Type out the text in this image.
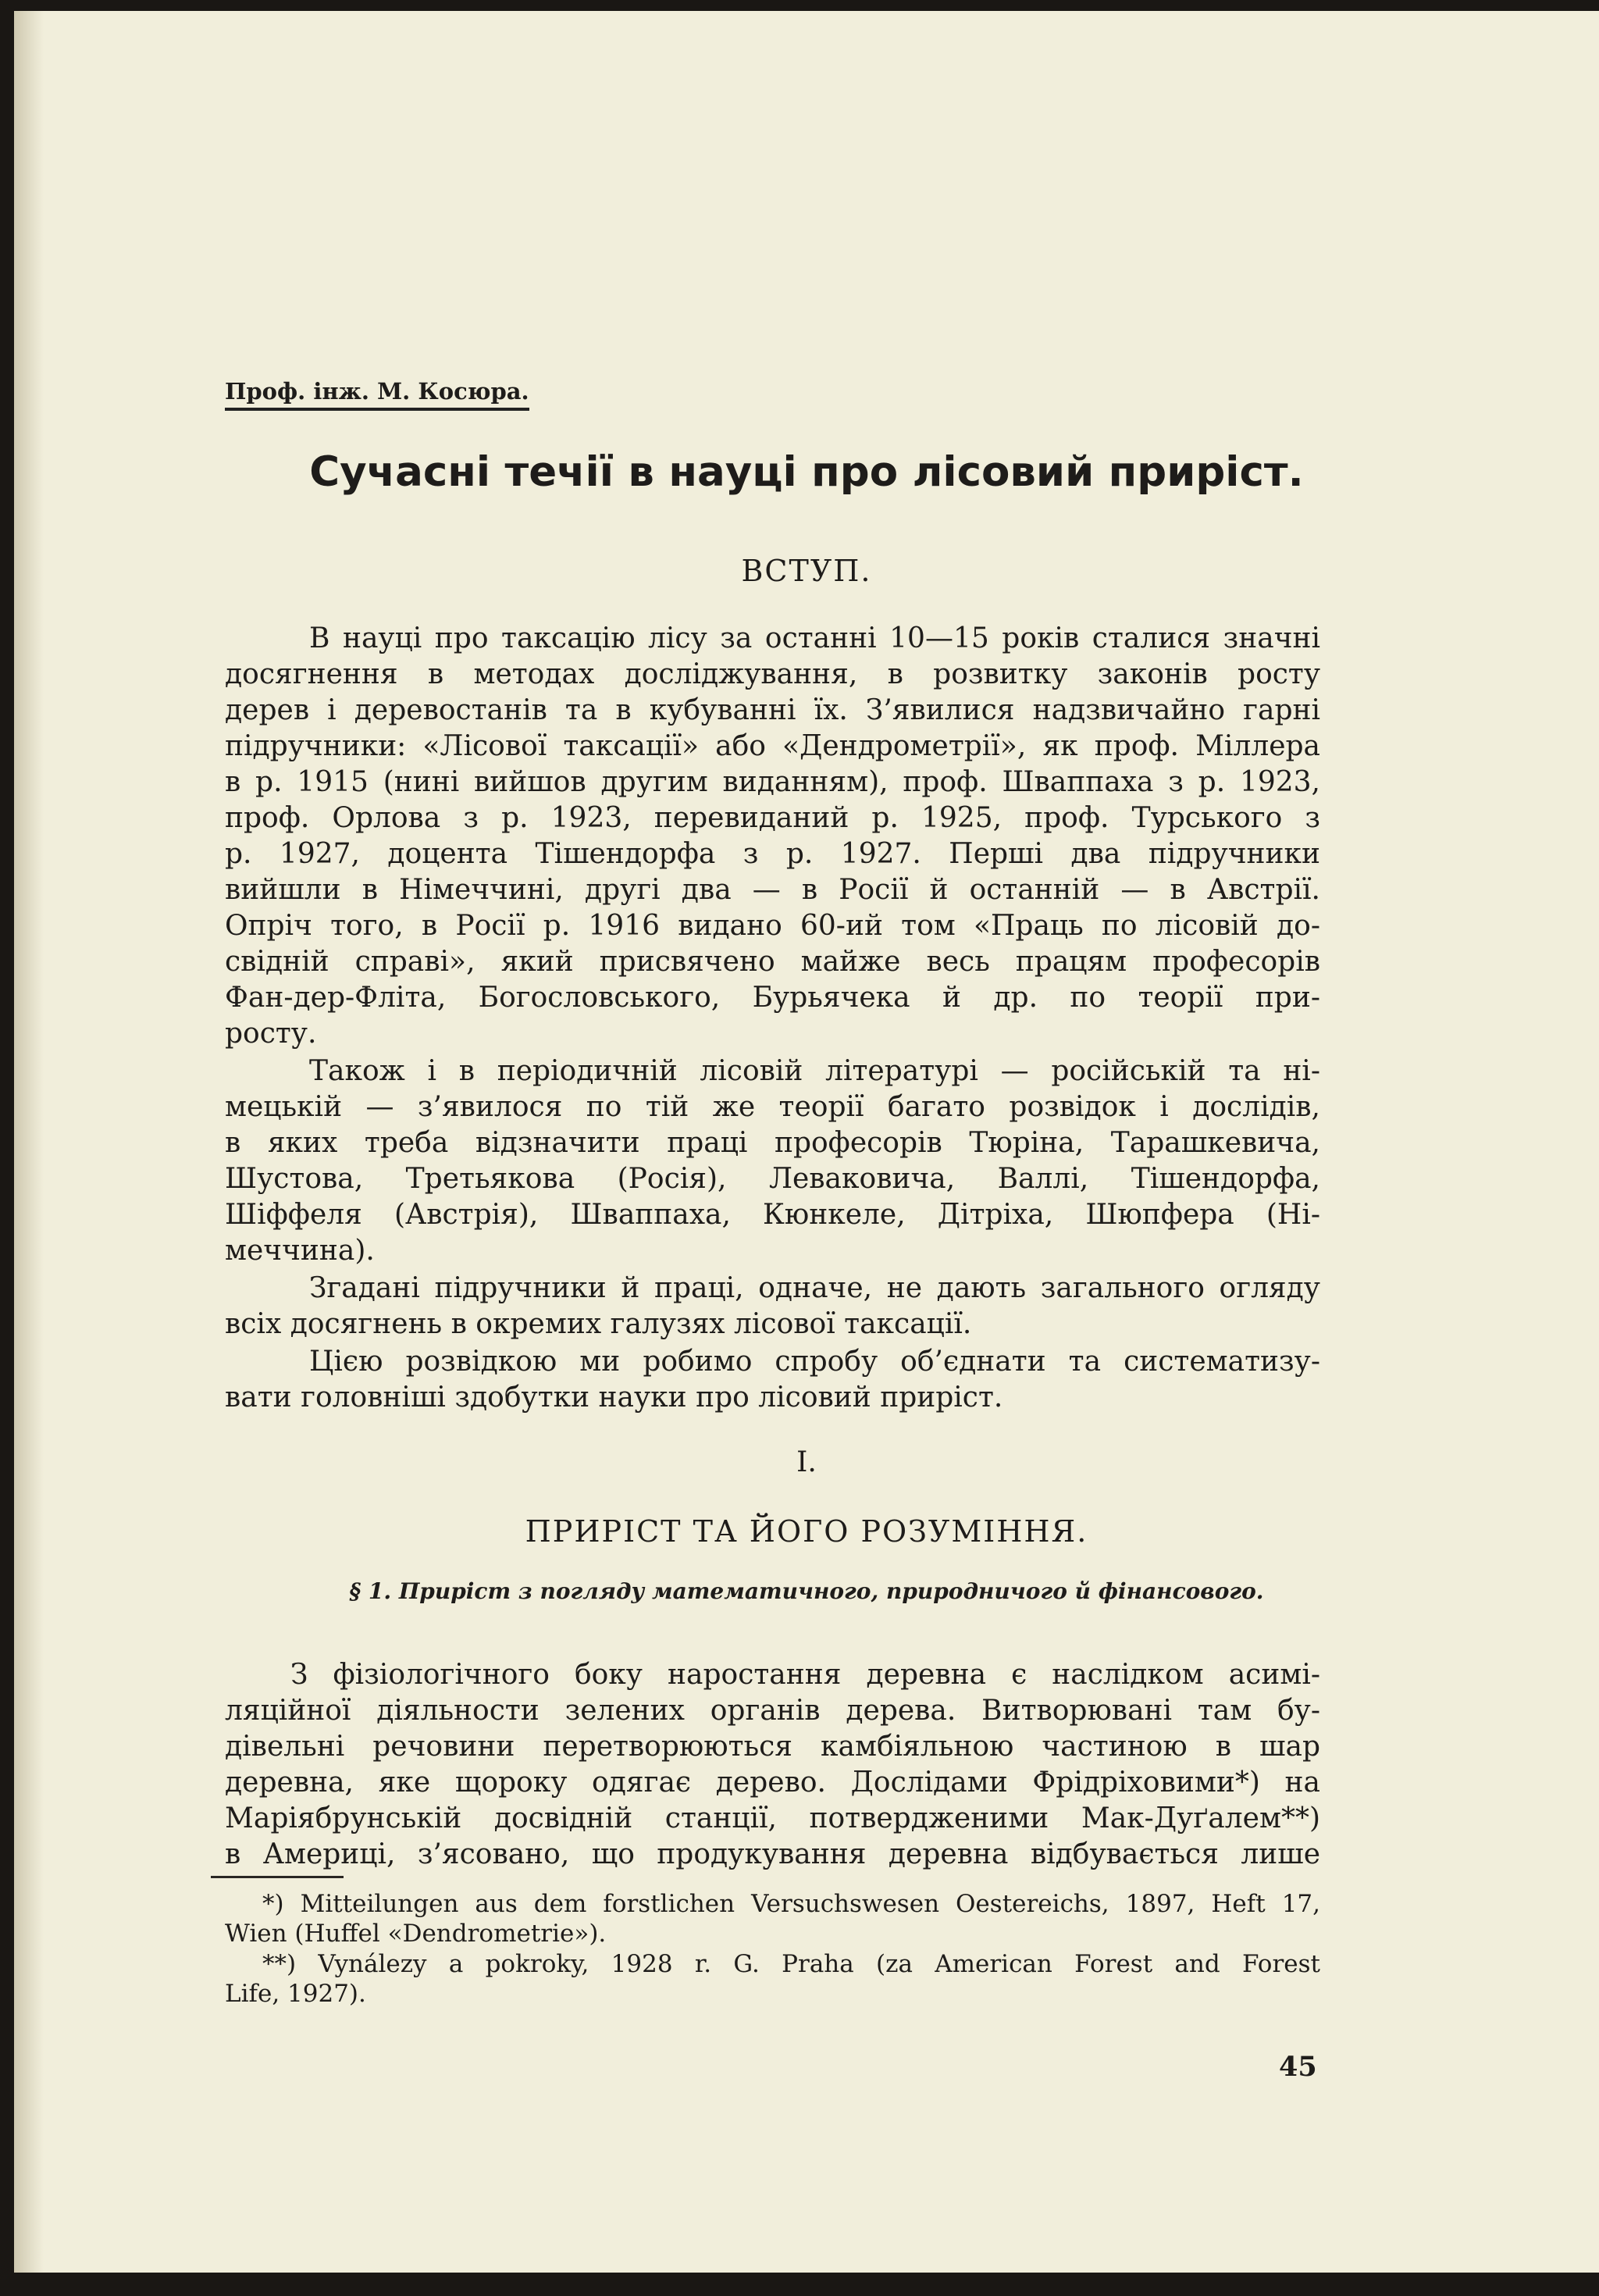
Проф. інж. М. Косюра.
Сучасні течії в науці про лісовий приріст.
ВСТУП.
В науці про таксацію лісу за останні 10—15 років сталися значні
досягнення в методах досліджування, в розвитку законів росту
дерев і деревостанів та в кубуванні їх. З’явилися надзвичайно гарні
підручники: «Лісової таксації» або «Дендрометрії», як проф. Міллера
в р. 1915 (нині вийшов другим виданням), проф. Шваппаха з р. 1923,
проф. Орлова з р. 1923, перевиданий р. 1925, проф. Турського з
р. 1927, доцента Тішендорфа з р. 1927. Перші два підручники
вийшли в Німеччині, другі два — в Росії й останній — в Австрії.
Опріч того, в Росії р. 1916 видано 60-ий том «Праць по лісовій до-
свідній справі», який присвячено майже весь працям професорів
Фан-дер-Фліта, Богословського, Бурьячека й др. по теорії при-
росту.
Також і в періодичній лісовій літературі — російській та ні-
мецькій — з’явилося по тій же теорії багато розвідок і дослідів,
в яких треба відзначити праці професорів Тюріна, Тарашкевича,
Шустова, Третьякова (Росія), Левaковича, Валлі, Тішендорфа,
Шіффеля (Австрія), Шваппаха, Кюнкеле, Дітріха, Шюпфера (Ні-
меччина).
Згадані підручники й праці, одначе, не дають загального огляду
всіх досягнень в окремих галузях лісової таксації.
Цією розвідкою ми робимо спробу об’єднати та систематизу-
вати головніші здобутки науки про лісовий приріст.
I.
ПРИРІСТ ТА ЙОГО РОЗУМІННЯ.
§ 1. Приріст з погляду математичного, природничого й фінансового.
З фізіологічного боку наростання деревна є наслідком асимі-
ляційної діяльности зелених органів дерева. Витворювані там бу-
дівельні речовини перетворюються камбіяльною частиною в шар
деревна, яке щороку одягає дерево. Дослідами Фрідріховими*) на
Маріябрунській досвідній станції, потвердженими Мак-Дуґалем**)
в Америці, з’ясовано, що продукування деревна відбувається лише
*) Mitteilungen aus dem forstlichen Versuchswesen Oestereichs, 1897, Heft 17,
Wien (Huffel «Dendrometrie»).
**) Vynálezy a pokroky, 1928 r. G. Praha (za American Forest and Forest
Life, 1927).
45
